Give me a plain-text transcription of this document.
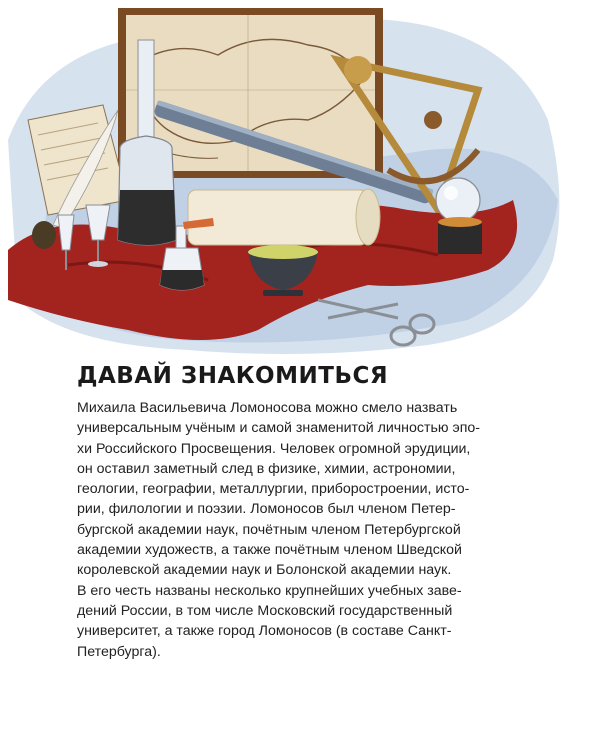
ДАВАЙ ЗНАКОМИТЬСЯ
Михаила Васильевича Ломоносова можно смело назвать
универсальным учёным и самой знаменитой личностью эпо-
хи Российского Просвещения. Человек огромной эрудиции,
он оставил заметный след в физике, химии, астрономии,
геологии, географии, металлургии, приборостроении, исто-
рии, филологии и поэзии. Ломоносов был членом Петер-
бургской академии наук, почётным членом Петербургской
академии художеств, а также почётным членом Шведской
королевской академии наук и Болонской академии наук.
В его честь названы несколько крупнейших учебных заве-
дений России, в том числе Московский государственный
университет, а также город Ломоносов (в составе Санкт-
Петербурга).
